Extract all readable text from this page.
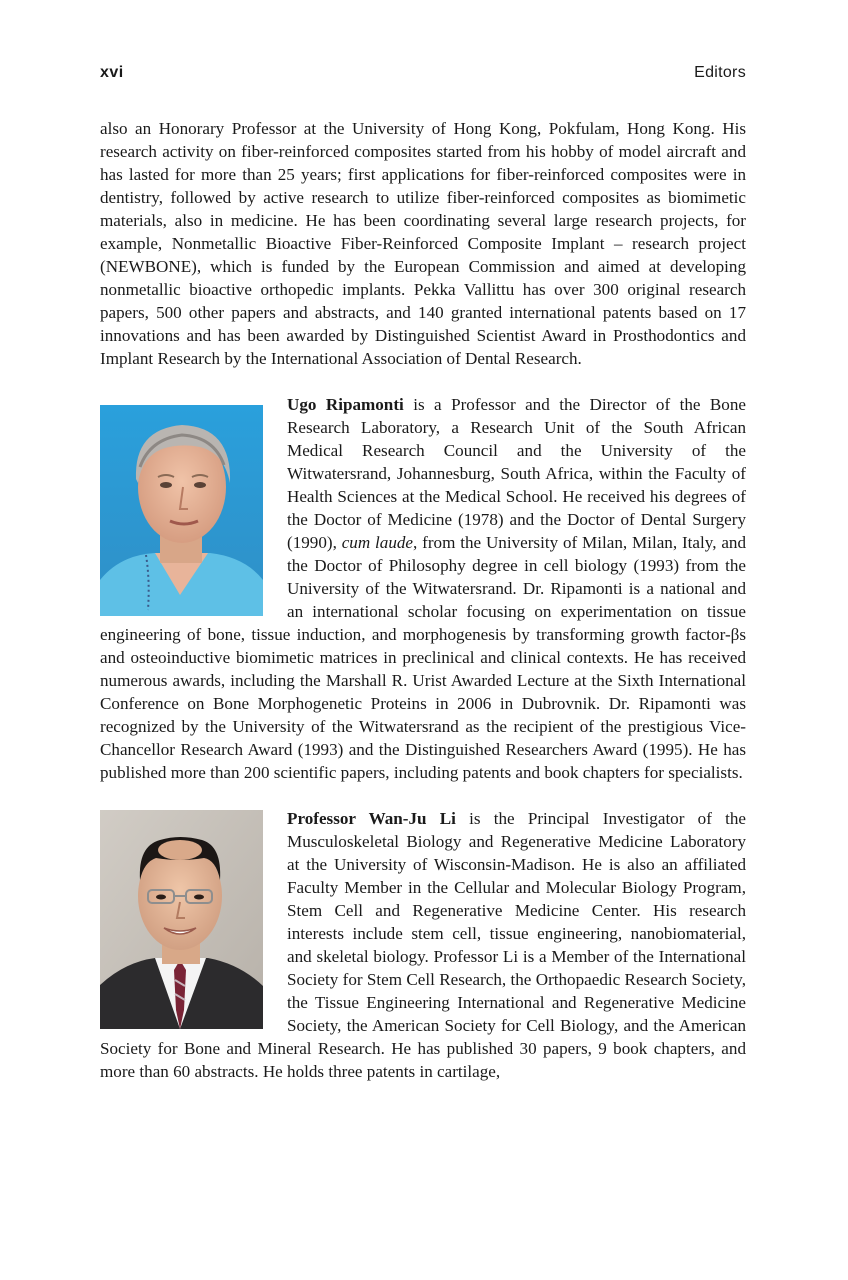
xvi	Editors

also an Honorary Professor at the University of Hong Kong, Pokfulam, Hong Kong. His research activity on fiber-reinforced composites started from his hobby of model aircraft and has lasted for more than 25 years; first applications for fiber-reinforced composites were in dentistry, followed by active research to utilize fiber-reinforced composites as biomimetic materials, also in medicine. He has been coordinating several large research projects, for example, Nonmetallic Bioactive Fiber-Reinforced Composite Implant – research project (NEWBONE), which is funded by the European Commission and aimed at developing nonmetallic bioactive orthopedic implants. Pekka Vallittu has over 300 original research papers, 500 other papers and abstracts, and 140 granted international patents based on 17 innovations and has been awarded by Distinguished Scientist Award in Prosthodontics and Implant Research by the International Association of Dental Research.

Ugo Ripamonti is a Professor and the Director of the Bone Research Laboratory, a Research Unit of the South African Medical Research Council and the University of the Witwatersrand, Johannesburg, South Africa, within the Faculty of Health Sciences at the Medical School. He received his degrees of the Doctor of Medicine (1978) and the Doctor of Dental Surgery (1990), cum laude, from the University of Milan, Milan, Italy, and the Doctor of Philosophy degree in cell biology (1993) from the University of the Witwatersrand. Dr. Ripamonti is a national and an international scholar focusing on experimentation on tissue engineering of bone, tissue induction, and morphogenesis by transforming growth factor-βs and osteoinductive biomimetic matrices in preclinical and clinical contexts. He has received numerous awards, including the Marshall R. Urist Awarded Lecture at the Sixth International Conference on Bone Morphogenetic Proteins in 2006 in Dubrovnik. Dr. Ripamonti was recognized by the University of the Witwatersrand as the recipient of the prestigious Vice-Chancellor Research Award (1993) and the Distinguished Researchers Award (1995). He has published more than 200 scientific papers, including patents and book chapters for specialists.

Professor Wan-Ju Li is the Principal Investigator of the Musculoskeletal Biology and Regenerative Medicine Laboratory at the University of Wisconsin-Madison. He is also an affiliated Faculty Member in the Cellular and Molecular Biology Program, Stem Cell and Regenerative Medicine Center. His research interests include stem cell, tissue engineering, nanobiomaterial, and skeletal biology. Professor Li is a Member of the International Society for Stem Cell Research, the Orthopaedic Research Society, the Tissue Engineering International and Regenerative Medicine Society, the American Society for Cell Biology, and the American Society for Bone and Mineral Research. He has published 30 papers, 9 book chapters, and more than 60 abstracts. He holds three patents in cartilage,
